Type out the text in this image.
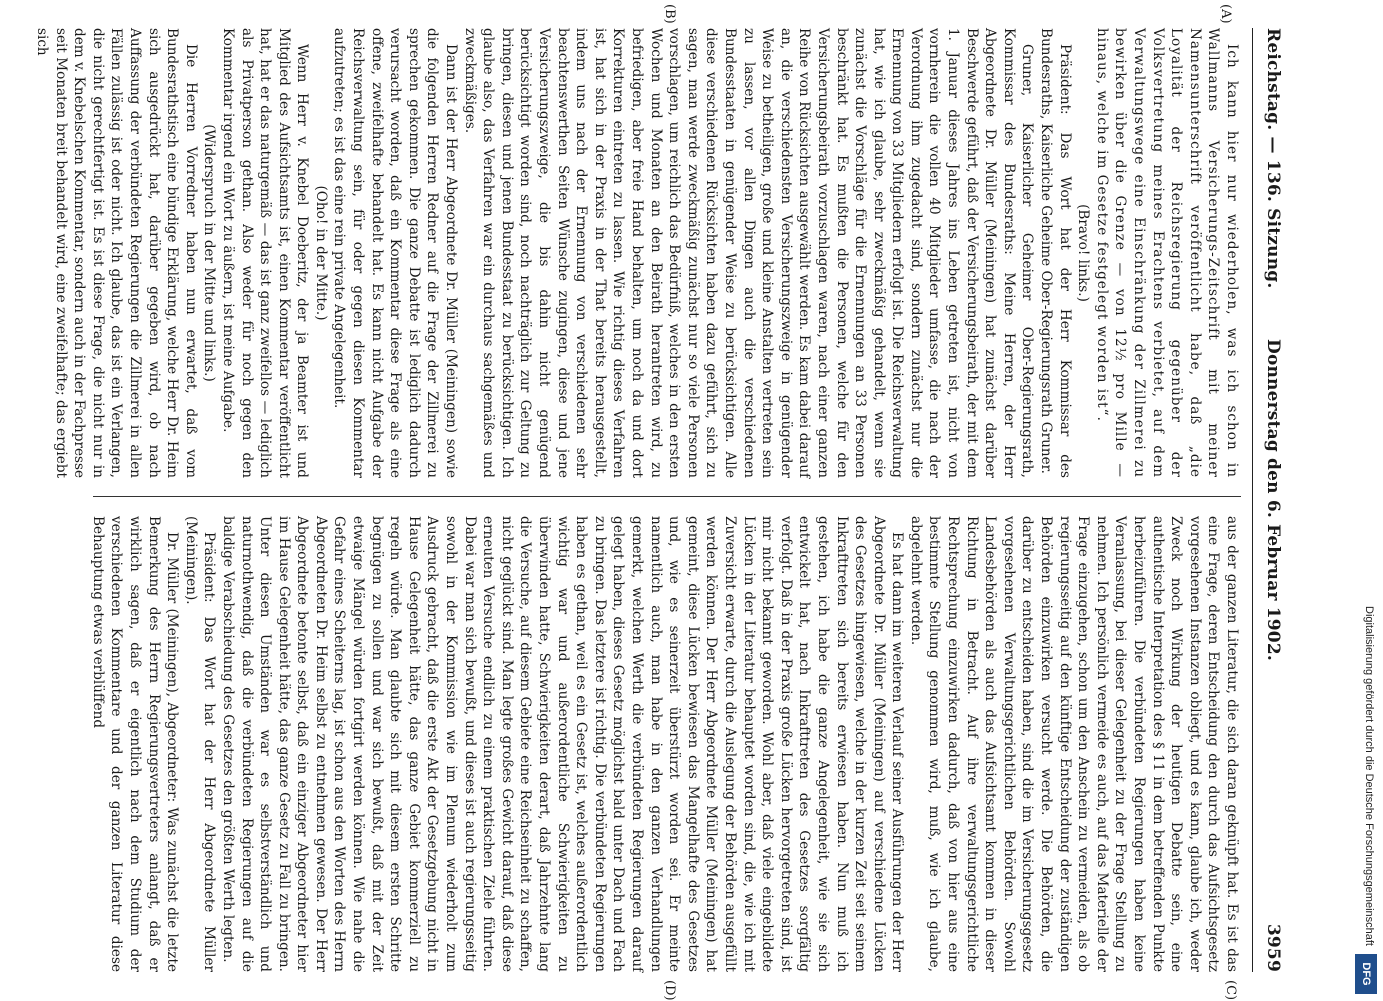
Digitalisierung gefördert durch die Deutsche Forschungsgemeinschaft
DFG
Reichstag. — 136. Sitzung.
Donnerstag den 6. Februar 1902.
3959
(A)
(B)
(C)
(D)

Ich kann hier nur wiederholen, was ich schon in Wallmanns Versicherungs-Zeitschrift mit meiner Namensunterschrift veröffentlicht habe, daß „die Loyalität der Reichsregierung gegenüber der Volksvertretung meines Erachtens verbietet, auf dem Verwaltungswege eine Einschränkung der Zillmerei zu bewirken über die Grenze — von 12½ pro Mille — hinaus, welche im Gesetze festgelegt worden ist“.

(Bravo! links.)

Präsident: Das Wort hat der Herr Kommissar des Bundesraths, Kaiserliche Geheime Ober-Regierungsrath Gruner.

Gruner, Kaiserlicher Geheimer Ober-Regierungsrath, Kommissar des Bundesraths: Meine Herren, der Herr Abgeordnete Dr. Müller (Meiningen) hat zunächst darüber Beschwerde geführt, daß der Versicherungsbeirath, der mit dem 1. Januar dieses Jahres ins Leben getreten ist, nicht von vornherein die vollen 40 Mitglieder umfasse, die nach der Verordnung ihm zugedacht sind, sondern zunächst nur die Ernennung von 33 Mitgliedern erfolgt ist. Die Reichsverwaltung hat, wie ich glaube, sehr zweckmäßig gehandelt, wenn sie zunächst die Vorschläge für die Ernennungen an 33 Personen beschränkt hat. Es mußten die Personen, welche für den Versicherungsbeirath vorzuschlagen waren, nach einer ganzen Reihe von Rücksichten ausgewählt werden. Es kam dabei darauf an, die verschiedensten Versicherungszweige in genügender Weise zu betheiligen, große und kleine Anstalten vertreten sein zu lassen, vor allen Dingen auch die verschiedenen Bundesstaaten in genügender Weise zu berücksichtigen. Alle diese verschiedenen Rücksichten haben dazu geführt, sich zu sagen, man werde zweckmäßig zunächst nur so viele Personen vorschlagen, um reichlich das Bedürfniß, welches in den ersten Wochen und Monaten an den Beirath herantreten wird, zu befriedigen, aber freie Hand behalten, um noch da und dort Korrekturen eintreten zu lassen. Wie richtig dieses Verfahren ist, hat sich in der Praxis in der That bereits herausgestellt, indem uns nach der Ernennung von verschiedenen sehr beachtenswerthen Seiten Wünsche zugingen, diese und jene Versicherungszweige, die bis dahin nicht genügend berücksichtigt worden sind, noch nachträglich zur Geltung zu bringen, diesen und jenen Bundesstaat zu berücksichtigen. Ich glaube also, das Verfahren war ein durchaus sachgemäßes und zweckmäßiges.

Dann ist der Herr Abgeordnete Dr. Müller (Meiningen) sowie die folgenden Herren Redner auf die Frage der Zillmerei zu sprechen gekommen. Die ganze Debatte ist lediglich dadurch verursacht worden, daß ein Kommentar diese Frage als eine offene, zweifelhafte behandelt hat. Es kann nicht Aufgabe der Reichsverwaltung sein, für oder gegen diesen Kommentar aufzutreten; es ist das eine rein private Angelegenheit.

(Oho! in der Mitte.)

Wenn Herr v. Knebel Doeberitz, der ja Beamter ist und Mitglied des Aufsichtsamts ist, einen Kommentar veröffentlicht hat, hat er das naturgemäß — das ist ganz zweifellos — lediglich als Privatperson gethan. Also weder für noch gegen den Kommentar irgend ein Wort zu äußern, ist meine Aufgabe.

(Widerspruch in der Mitte und links.)

Die Herren Vorredner haben nun erwartet, daß vom Bundesrathstisch eine bündige Erklärung, welche Herr Dr. Heim sich ausgedrückt hat, darüber gegeben wird, ob nach Auffassung der verbündeten Regierungen die Zillmerei in allen Fällen zulässig ist oder nicht. Ich glaube, das ist ein Verlangen, die nicht gerechtfertigt ist. Es ist diese Frage, die nicht nur in dem v. Knebelschen Kommentar, sondern auch in der Fachpresse seit Monaten breit behandelt wird, eine zweifelhafte; das ergiebt sich

aus der ganzen Literatur, die sich daran geknüpft hat. Es ist das eine Frage, deren Entscheidung den durch das Aufsichtsgesetz vorgesehenen Instanzen obliegt, und es kann, glaube ich, weder Zweck noch Wirkung der heutigen Debatte sein, eine authentische Interpretation des § 11 in dem betreffenden Punkte herbeizuführen. Die verbündeten Regierungen haben keine Veranlassung, bei dieser Gelegenheit zu der Frage Stellung zu nehmen. Ich persönlich vermeide es auch, auf das Materielle der Frage einzugehen, schon um den Anschein zu vermeiden, als ob regierungsseitig auf den künftige Entscheidung der zuständigen Behörden einzuwirken versucht werde. Die Behörden, die darüber zu entscheiden haben, sind die im Versicherungsgesetz vorgesehenen Verwaltungsgerichtlichen Behörden. Sowohl Landesbehörden als auch das Aufsichtsamt kommen in dieser Richtung in Betracht. Auf ihre verwaltungsgerichtliche Rechtsprechung einzuwirken dadurch, daß von hier aus eine bestimmte Stellung genommen wird, muß, wie ich glaube, abgelehnt werden.

Es hat dann im weiteren Verlauf seiner Ausführungen der Herr Abgeordnete Dr. Müller (Meiningen) auf verschiedene Lücken des Gesetzes hingewiesen, welche in der kurzen Zeit seit seinem Inkrafttreten sich bereits erwiesen haben. Nun muß ich gestehen, ich habe die ganze Angelegenheit, wie sie sich entwickelt hat, nach Inkrafttreten des Gesetzes sorgfältig verfolgt. Daß in der Praxis große Lücken hervorgetreten sind, ist mir nicht bekannt geworden. Wohl aber, daß viele eingebildete Lücken in der Literatur behauptet worden sind, die, wie ich mit Zuversicht erwarte, durch die Auslegung der Behörden ausgefüllt werden können. Der Herr Abgeordnete Müller (Meiningen) hat gemeint, diese Lücken bewiesen das Mangelhafte des Gesetzes und, wie es seinerzeit überstürzt worden sei. Er meinte namentlich auch, man habe in den ganzen Verhandlungen gemerkt, welchen Werth die verbündeten Regierungen darauf gelegt haben, dieses Gesetz möglichst bald unter Dach und Fach zu bringen. Das letztere ist richtig. Die verbündeten Regierungen haben es gethan, weil es ein Gesetz ist, welches außerordentlich wichtig war und außerordentliche Schwierigkeiten zu überwinden hatte, Schwierigkeiten derart, daß Jahrzehnte lang die Versuche, auf diesem Gebiete eine Reichseinheit zu schaffen, nicht geglückt sind. Man legte großes Gewicht darauf, daß diese erneuten Versuche endlich zu einem praktischen Ziele führten. Dabei war man sich bewußt, und dieses ist auch regierungsseitig sowohl in der Kommission wie im Plenum wiederholt zum Ausdruck gebracht, daß die erste Akt der Gesetzgebung nicht in Hause Gelegenheit hätte, das ganze Gebiet kommerziell zu regeln würde. Man glaubte sich mit diesem ersten Schritte begnügen zu sollen und war sich bewußt, daß mit der Zeit etwaige Mängel würden fortgirt werden können. Wie nahe die Gefahr eines Scheiterns lag, ist schon aus den Worten des Herrn Abgeordneten Dr. Heim selbst zu entnehmen gewesen. Der Herr Abgeordnete betonte selbst, daß ein einziger Abgeordneter hier im Hause Gelegenheit hätte, das ganze Gesetz zu Fall zu bringen. Unter diesen Umständen war es selbstverständlich und naturnothwendig, daß die verbündeten Regierungen auf die baldige Verabschiedung des Gesetzes den größten Werth legten.

Präsident: Das Wort hat der Herr Abgeordnete Müller (Meiningen).

Dr. Müller (Meiningen), Abgeordneter: Was zunächst die letzte Bemerkung des Herrn Regierungsvertreters anlangt, daß er wirklich sagen, daß er eigentlich nach dem Studium der verschiedenen Kommentare und der ganzen Literatur diese Behauptung etwas verblüffend
